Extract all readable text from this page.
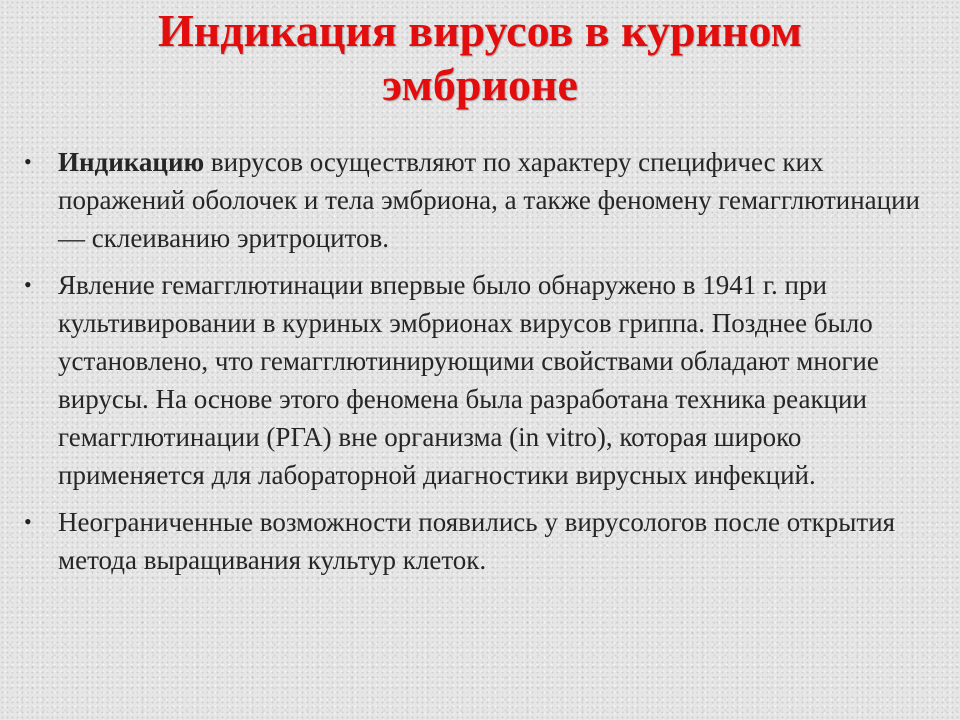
Индикация вирусов в курином эмбрионе
• Индикацию вирусов осуществляют по характеру специфичес ких поражений оболочек и тела эмбриона, а также феномену гемагглютинации — склеиванию эритроцитов.
• Явление гемагглютинации впервые было обнаружено в 1941 г. при культивировании в куриных эмбрионах вирусов гриппа. Позднее было установлено, что гемагглютинирующими свойствами обладают многие вирусы. На основе этого феномена была разработана техника реакции гемагглютинации (РГА) вне организма (in vitro), которая широко применяется для лабораторной диагностики вирусных инфекций.
• Неограниченные возможности появились у вирусологов после открытия метода выращивания культур клеток.
